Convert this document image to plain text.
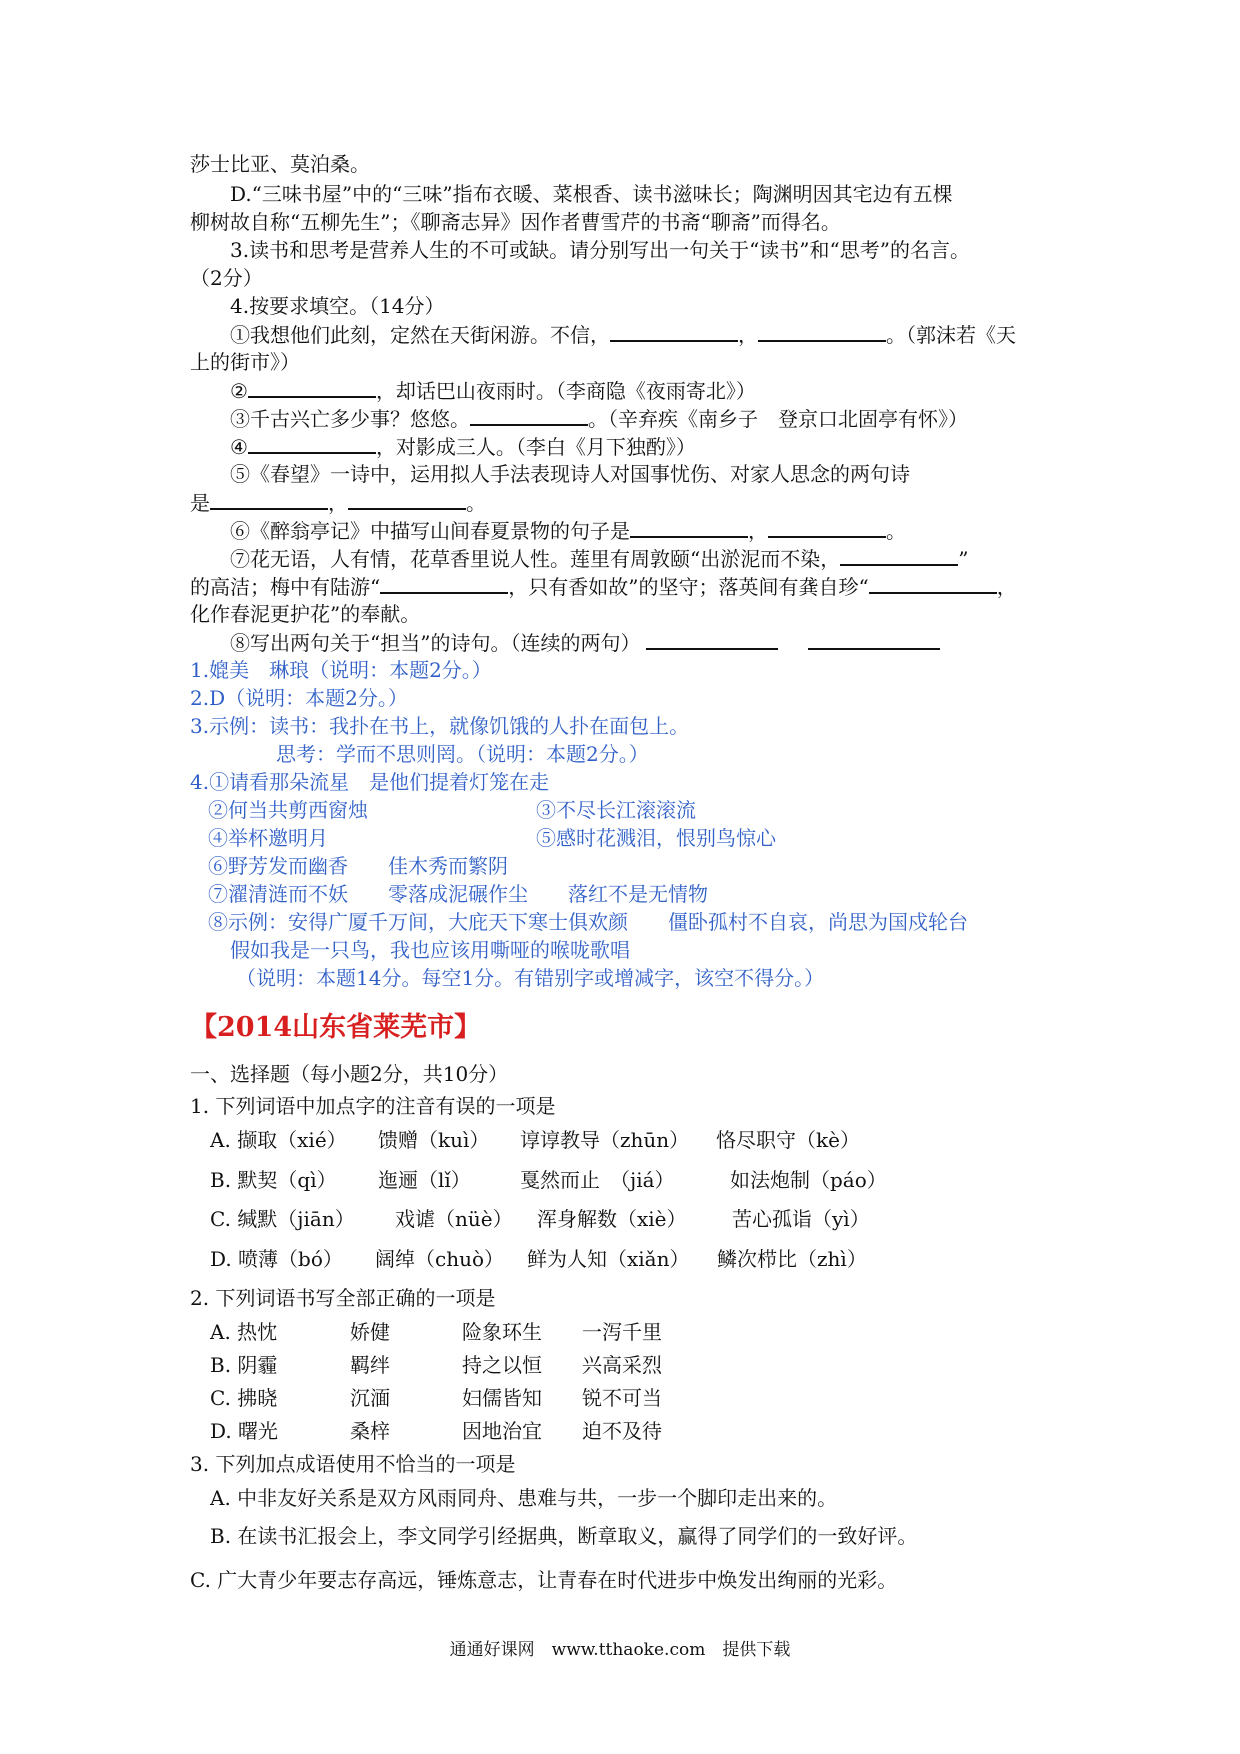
莎士比亚、莫泊桑。
D.“三味书屋”中的“三味”指布衣暖、菜根香、读书滋味长；陶渊明因其宅边有五棵
柳树故自称“五柳先生”；《聊斋志异》因作者曹雪芹的书斋“聊斋”而得名。
3.读书和思考是营养人生的不可或缺。请分别写出一句关于“读书”和“思考”的名言。
（2分）
4.按要求填空。（14分）
①我想他们此刻，定然在天街闲游。不信，	，	。（郭沫若《天
上的街市》）
②	，却话巴山夜雨时。（李商隐《夜雨寄北》）
③千古兴亡多少事？悠悠。	。（辛弃疾《南乡子　登京口北固亭有怀》）
④	，对影成三人。（李白《月下独酌》）
⑤《春望》一诗中，运用拟人手法表现诗人对国事忧伤、对家人思念的两句诗
是	，	。
⑥《醉翁亭记》中描写山间春夏景物的句子是	，	。
⑦花无语，人有情，花草香里说人性。莲里有周敦颐“出淤泥而不染，	”
的高洁；梅中有陆游“	，只有香如故”的坚守；落英间有龚自珍“	，
化作春泥更护花”的奉献。
⑧写出两句关于“担当”的诗句。（连续的两句）
1.媲美　琳琅（说明：本题2分。）
2.D（说明：本题2分。）
3.示例：读书：我扑在书上，就像饥饿的人扑在面包上。
思考：学而不思则罔。（说明：本题2分。）
4.①请看那朵流星　是他们提着灯笼在走
②何当共剪西窗烛	③不尽长江滚滚流
④举杯邀明月	⑤感时花溅泪，恨别鸟惊心
⑥野芳发而幽香　　佳木秀而繁阴
⑦濯清涟而不妖　　零落成泥碾作尘　　落红不是无情物
⑧示例：安得广厦千万间，大庇天下寒士俱欢颜　　僵卧孤村不自哀，尚思为国戍轮台
假如我是一只鸟，我也应该用嘶哑的喉咙歌唱
（说明：本题14分。每空1分。有错别字或增减字，该空不得分。）
【2014山东省莱芜市】
一、选择题（每小题2分，共10分）
1. 下列词语中加点字的注音有误的一项是
A. 撷取（xié） 馈赠（kuì） 谆谆教导（zhūn） 恪尽职守（kè）
B. 默契（qì） 迤逦（lǐ） 戛然而止　（jiá）	如法炮制（páo）
C. 缄默（jiān） 戏谑（nüè） 浑身解数（xiè） 苦心孤诣（yì）
D. 喷薄（bó） 阔绰（chuò） 鲜为人知（xiǎn） 鳞次栉比（zhì）
2. 下列词语书写全部正确的一项是
A. 热忱	娇健	险象环生 一泻千里
B. 阴霾	羁绊	持之以恒 兴高采烈
C. 拂晓	沉湎	妇儒皆知 锐不可当
D. 曙光	桑梓	因地治宜 迫不及待
3. 下列加点成语使用不恰当的一项是
A. 中非友好关系是双方风雨同舟、患难与共，一步一个脚印走出来的。
B. 在读书汇报会上，李文同学引经据典，断章取义，赢得了同学们的一致好评。
C. 广大青少年要志存高远，锤炼意志，让青春在时代进步中焕发出绚丽的光彩。
通通好课网　www.tthaoke.com　提供下载
